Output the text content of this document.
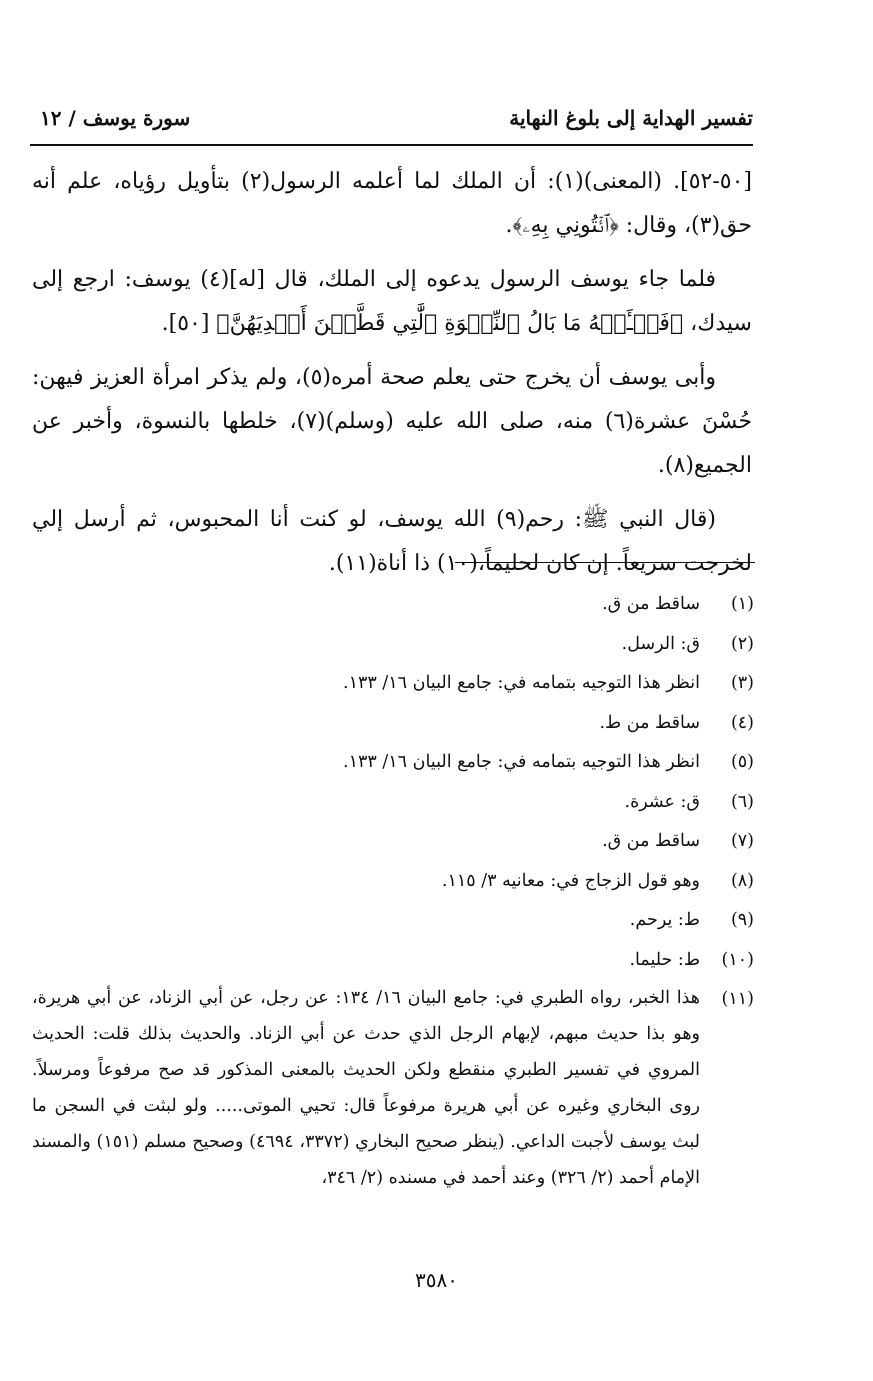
تفسير الهداية إلى بلوغ النهاية
سورة يوسف / ١٢

[٥٠-٥٢]. (المعنى)(١): أن الملك لما أعلمه الرسول(٢) بتأويل رؤياه، علم أنه حق(٣)، وقال: ﴿ٱئۡتُونِي بِهِۦ﴾.

فلما جاء يوسف الرسول يدعوه إلى الملك، قال [له](٤) يوسف: ارجع إلى سيدك، ﴿فَسۡـَٔلۡهُ مَا بَالُ ٱلنِّسۡوَةِ ٱلَّٰتِي قَطَّعۡنَ أَيۡدِيَهُنَّ﴾ [٥٠].

وأبى يوسف أن يخرج حتى يعلم صحة أمره(٥)، ولم يذكر امرأة العزيز فيهن: حُسْنَ عشرة(٦) منه، صلى الله عليه (وسلم)(٧)، خلطها بالنسوة، وأخبر عن الجميع(٨).

(قال النبي ﷺ: رحم(٩) الله يوسف، لو كنت أنا المحبوس، ثم أرسل إلي لخرجت سريعاً. إن كان لحليماً،(١٠) ذا أناة(١١).

(١)
ساقط من ق.
(٢)
ق: الرسل.
(٣)
انظر هذا التوجيه بتمامه في: جامع البيان ١٦/ ١٣٣.
(٤)
ساقط من ط.
(٥)
انظر هذا التوجيه بتمامه في: جامع البيان ١٦/ ١٣٣.
(٦)
ق: عشرة.
(٧)
ساقط من ق.
(٨)
وهو قول الزجاج في: معانيه ٣/ ١١٥.
(٩)
ط: يرحم.
(١٠)
ط: حليما.
(١١)
هذا الخبر، رواه الطبري في: جامع البيان ١٦/ ١٣٤: عن رجل، عن أبي الزناد، عن أبي هريرة، وهو بذا حديث مبهم، لإبهام الرجل الذي حدث عن أبي الزناد. والحديث بذلك قلت: الحديث المروي في تفسير الطبري منقطع ولكن الحديث بالمعنى المذكور قد صح مرفوعاً ومرسلاً. روى البخاري وغيره عن أبي هريرة مرفوعاً قال: تحيي الموتى..... ولو لبثت في السجن ما لبث يوسف لأجبت الداعي. (ينظر صحيح البخاري (٣٣٧٢، ٤٦٩٤) وصحيح مسلم (١٥١) والمسند الإمام أحمد (٢/ ٣٢٦) وعند أحمد في مسنده (٢/ ٣٤٦،
٣٥٨٠
